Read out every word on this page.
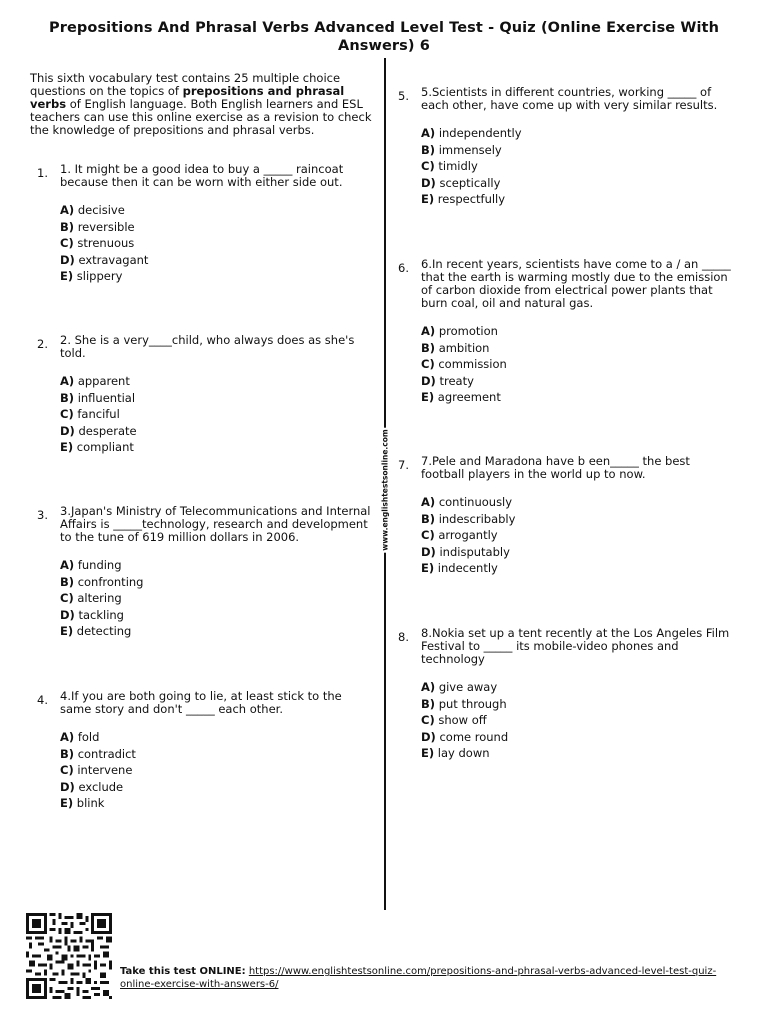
Prepositions And Phrasal Verbs Advanced Level Test - Quiz (Online Exercise With Answers) 6
This sixth vocabulary test contains 25 multiple choice questions on the topics of prepositions and phrasal verbs of English language. Both English learners and ESL teachers can use this online exercise as a revision to check the knowledge of prepositions and phrasal verbs.
www.englishtestsonline.com
1. 1. It might be a good idea to buy a _____ raincoat because then it can be worn with either side out.
A) decisive
B) reversible
C) strenuous
D) extravagant
E) slippery
2. 2. She is a very____child, who always does as she's told.
A) apparent
B) influential
C) fanciful
D) desperate
E) compliant
3. 3.Japan's Ministry of Telecommunications and Internal Affairs is _____technology, research and development to the tune of 619 million dollars in 2006.
A) funding
B) confronting
C) altering
D) tackling
E) detecting
4. 4.If you are both going to lie, at least stick to the same story and don't _____ each other.
A) fold
B) contradict
C) intervene
D) exclude
E) blink
5. 5.Scientists in different countries, working _____ of each other, have come up with very similar results.
A) independently
B) immensely
C) timidly
D) sceptically
E) respectfully
6. 6.In recent years, scientists have come to a / an _____ that the earth is warming mostly due to the emission of carbon dioxide from electrical power plants that burn coal, oil and natural gas.
A) promotion
B) ambition
C) commission
D) treaty
E) agreement
7. 7.Pele and Maradona have b een_____ the best football players in the world up to now.
A) continuously
B) indescribably
C) arrogantly
D) indisputably
E) indecently
8. 8.Nokia set up a tent recently at the Los Angeles Film Festival to _____ its mobile-video phones and technology
A) give away
B) put through
C) show off
D) come round
E) lay down
Take this test ONLINE: https://www.englishtestsonline.com/prepositions-and-phrasal-verbs-advanced-level-test-quiz-online-exercise-with-answers-6/
